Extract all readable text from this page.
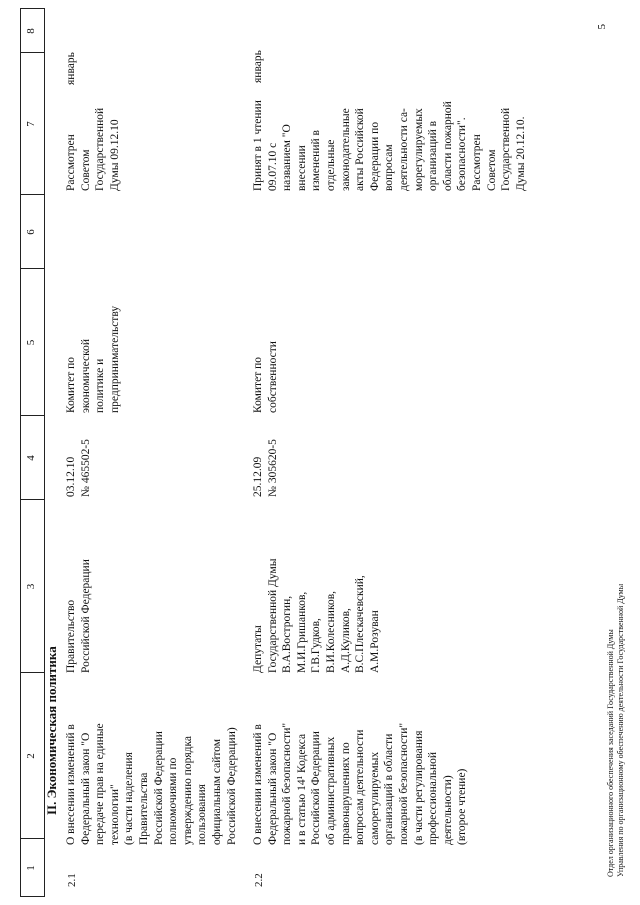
1
2
3
4
5
6
7
8
II. Экономическая политика
2.1
О внесении изменений в
Федеральный закон "О
передаче прав на единые
технологии"
(в части наделения
Правительства
Российской Федерации
полномочиями по
утверждению порядка
пользования
официальным сайтом
Российской Федерации)
Правительство
Российской Федерации
03.12.10
№ 465502-5
Комитет по
экономической
политике и
предпринимательству
Рассмотрен
Советом
Государственной
Думы 09.12.10
январь
2.2
О внесении изменений в
Федеральный закон "О
пожарной безопасности"
и в статью 14¹ Кодекса
Российской Федерации
об административных
правонарушениях по
вопросам деятельности
саморегулируемых
организаций в области
пожарной безопасности"
(в части регулирования
профессиональной
деятельности)
(второе чтение)
Депутаты
Государственной Думы
В.А.Вострогин,
М.И.Гришанков,
Г.В.Гудков,
В.И.Колесников,
А.Д.Куликов,
В.С.Плескачевский,
А.М.Розуван
25.12.09
№ 305620-5
Комитет по
собственности
Принят в 1 чтении
09.07.10 с
названием "О
внесении
изменений в
отдельные
законодательные
акты Российской
Федерации по
вопросам
деятельности са-
морегулируемых
организаций в
области пожарной
безопасности".
Рассмотрен
Советом
Государственной
Думы 20.12.10.
январь
Отдел организационного обеспечения заседаний Государственной Думы Управления по организационному обеспечению деятельности Государственной Думы
5
